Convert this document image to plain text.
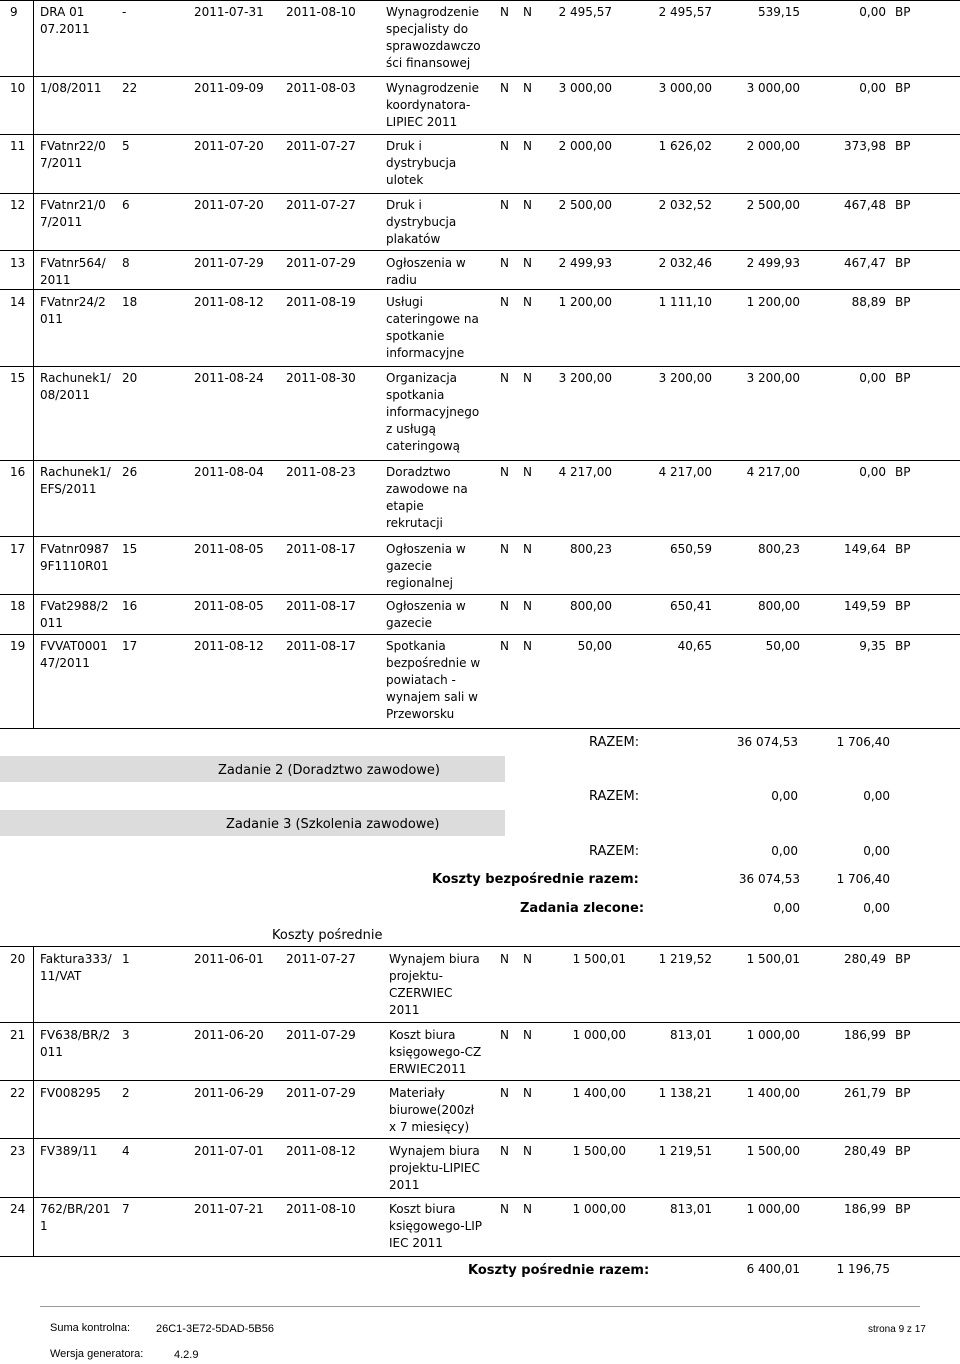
9 DRA 01
07.2011
-	2011-07-31 2011-08-10	Wynagrodzenie
specjalisty do
sprawozdawczo
ści finansowej
N N	2 495,57	2 495,57	539,15	0,00 BP
10 1/08/2011 22	2011-09-09 2011-08-03	Wynagrodzenie
koordynatora-
LIPIEC 2011
N N	3 000,00	3 000,00	3 000,00	0,00 BP
11 FVatnr22/0
7/2011
5	2011-07-20 2011-07-27	Druk i
dystrybucja
ulotek
N N	2 000,00	1 626,02	2 000,00	373,98 BP
12 FVatnr21/0
7/2011
6	2011-07-20 2011-07-27	Druk i
dystrybucja
plakatów
N N	2 500,00	2 032,52	2 500,00	467,48 BP
13 FVatnr564/
2011
8	2011-07-29 2011-07-29	Ogłoszenia w
radiu
N N	2 499,93	2 032,46	2 499,93	467,47 BP
14 FVatnr24/2
011
18	2011-08-12 2011-08-19	Usługi
cateringowe na
spotkanie
informacyjne
N N	1 200,00	1 111,10	1 200,00	88,89 BP
15 Rachunek1/
08/2011
20	2011-08-24 2011-08-30	Organizacja
spotkania
informacyjnego
z usługą
cateringową
N N	3 200,00	3 200,00	3 200,00	0,00 BP
16 Rachunek1/
EFS/2011
26	2011-08-04 2011-08-23	Doradztwo
zawodowe na
etapie
rekrutacji
N N	4 217,00	4 217,00	4 217,00	0,00 BP
17 FVatnr0987
9F1110R01
15	2011-08-05 2011-08-17	Ogłoszenia w
gazecie
regionalnej
N N	800,23	650,59	800,23	149,64 BP
18 FVat2988/2
011
16	2011-08-05 2011-08-17	Ogłoszenia w
gazecie
N N	800,00	650,41	800,00	149,59 BP
19 FVVAT0001
47/2011
17	2011-08-12 2011-08-17	Spotkania
bezpośrednie w
powiatach -
wynajem sali w
Przeworsku
N N	50,00	40,65	50,00	9,35 BP
RAZEM:	36 074,53	1 706,40
Zadanie 2 (Doradztwo zawodowe)
RAZEM:	0,00	0,00
Zadanie 3 (Szkolenia zawodowe)
RAZEM:	0,00	0,00
Koszty bezpośrednie razem:	36 074,53	1 706,40
Zadania zlecone:	0,00	0,00
Koszty pośrednie
20 Faktura333/
11/VAT
1	2011-06-01 2011-07-27	Wynajem biura
projektu-
CZERWIEC
2011
N N	1 500,01	1 219,52	1 500,01	280,49 BP
21 FV638/BR/2
011
3	2011-06-20 2011-07-29	Koszt biura
księgowego-CZ
ERWIEC2011
N N	1 000,00	813,01	1 000,00	186,99 BP
22 FV008295 2	2011-06-29 2011-07-29	Materiały
biurowe(200zł
x 7 miesięcy)
N N	1 400,00	1 138,21	1 400,00	261,79 BP
23 FV389/11 4	2011-07-01 2011-08-12	Wynajem biura
projektu-LIPIEC
2011
N N	1 500,00	1 219,51	1 500,00	280,49 BP
24 762/BR/201
1
7	2011-07-21 2011-08-10	Koszt biura
księgowego-LIP
IEC 2011
N N	1 000,00	813,01	1 000,00	186,99 BP
Koszty pośrednie razem:	6 400,01	1 196,75
Suma kontrolna: 26C1-3E72-5DAD-5B56	strona 9 z 17
Wersja generatora:	4.2.9
